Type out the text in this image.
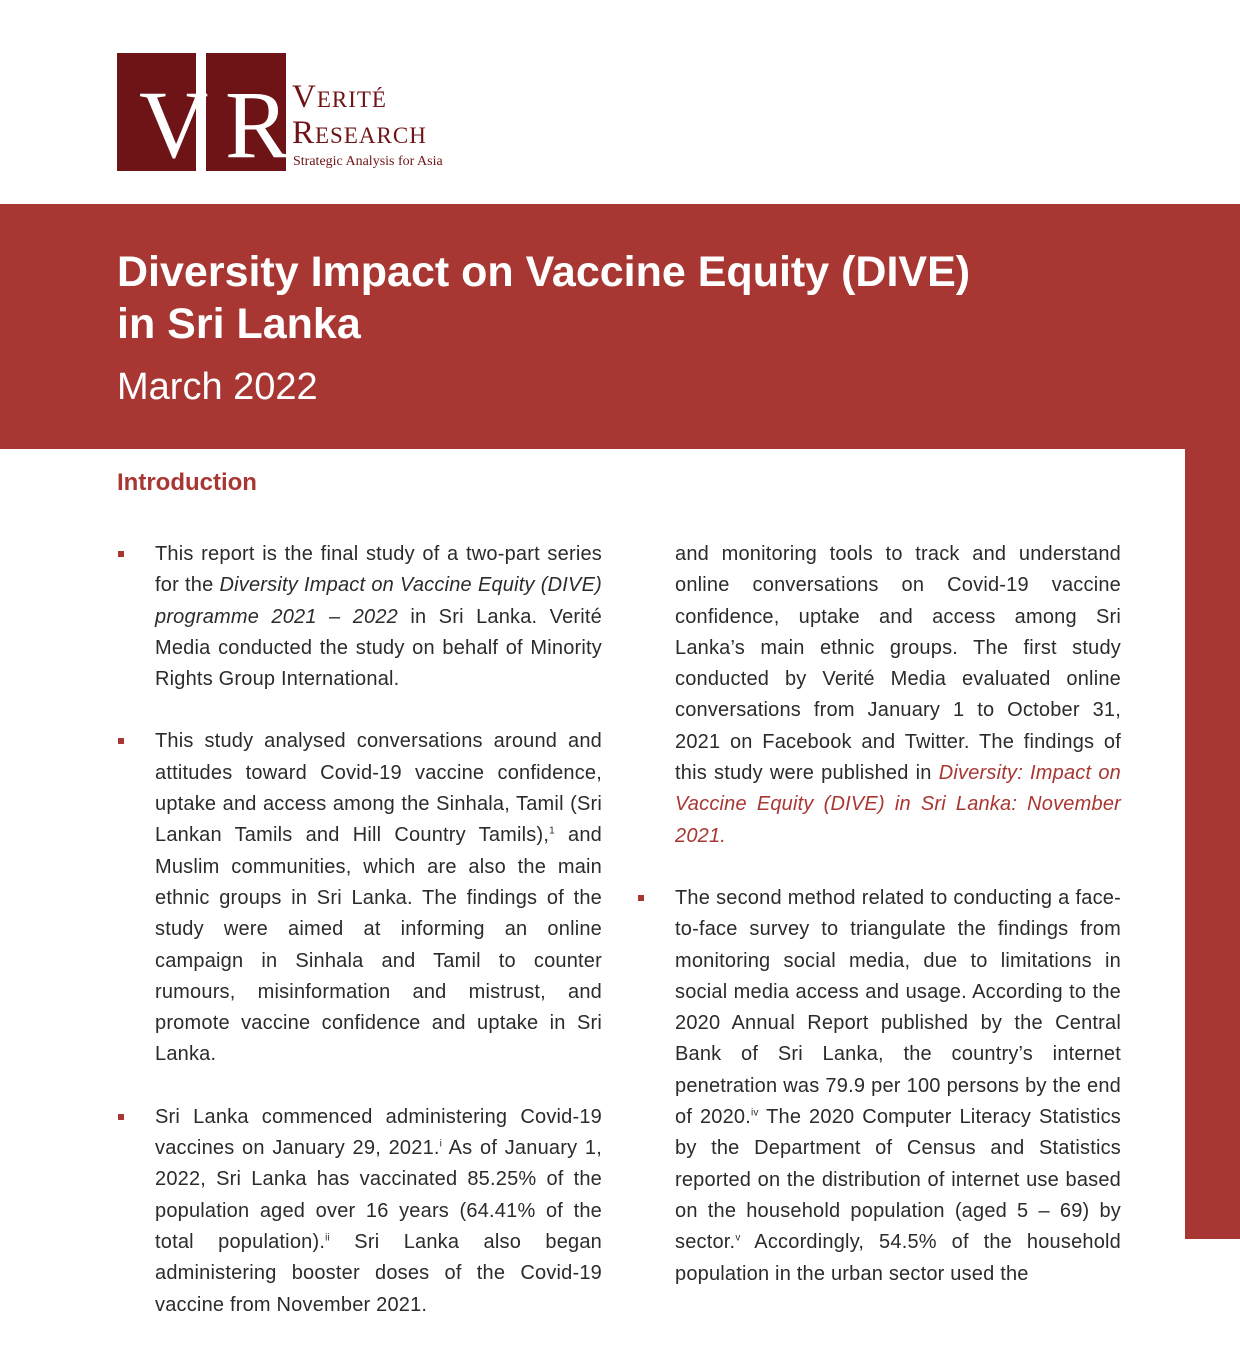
V R Verité
Research
Strategic Analysis for Asia
Diversity Impact on Vaccine Equity (DIVE)
in Sri Lanka

March 2022

Introduction

This report is the final study of a two-part series for the Diversity Impact on Vaccine Equity (DIVE) programme 2021 – 2022 in Sri Lanka. Verité Media conducted the study on behalf of Minority Rights Group International.

This study analysed conversations around and attitudes toward Covid-19 vaccine confidence, uptake and access among the Sinhala, Tamil (Sri Lankan Tamils and Hill Country Tamils),$^1$ and Muslim communities, which are also the main ethnic groups in Sri Lanka. The findings of the study were aimed at informing an online campaign in Sinhala and Tamil to counter rumours, misinformation and mistrust, and promote vaccine confidence and uptake in Sri Lanka.

Sri Lanka commenced administering Covid-19 vaccines on January 29, 2021.$^i$ As of January 1, 2022, Sri Lanka has vaccinated 85.25% of the population aged over 16 years (64.41% of the total population).$^{ii}$ Sri Lanka also began administering booster doses of the Covid-19 vaccine from November 2021.

and monitoring tools to track and understand online conversations on Covid-19 vaccine confidence, uptake and access among Sri Lanka’s main ethnic groups. The first study conducted by Verité Media evaluated online conversations from January 1 to October 31, 2021 on Facebook and Twitter. The findings of this study were published in Diversity: Impact on Vaccine Equity (DIVE) in Sri Lanka: November 2021.

The second method related to conducting a face-to-face survey to triangulate the findings from monitoring social media, due to limitations in social media access and usage. According to the 2020 Annual Report published by the Central Bank of Sri Lanka, the country’s internet penetration was 79.9 per 100 persons by the end of 2020.$^{iv}$ The 2020 Computer Literacy Statistics by the Department of Census and Statistics reported on the distribution of internet use based on the household population (aged 5 – 69) by sector.$^v$ Accordingly, 54.5% of the household population in the urban sector used the
